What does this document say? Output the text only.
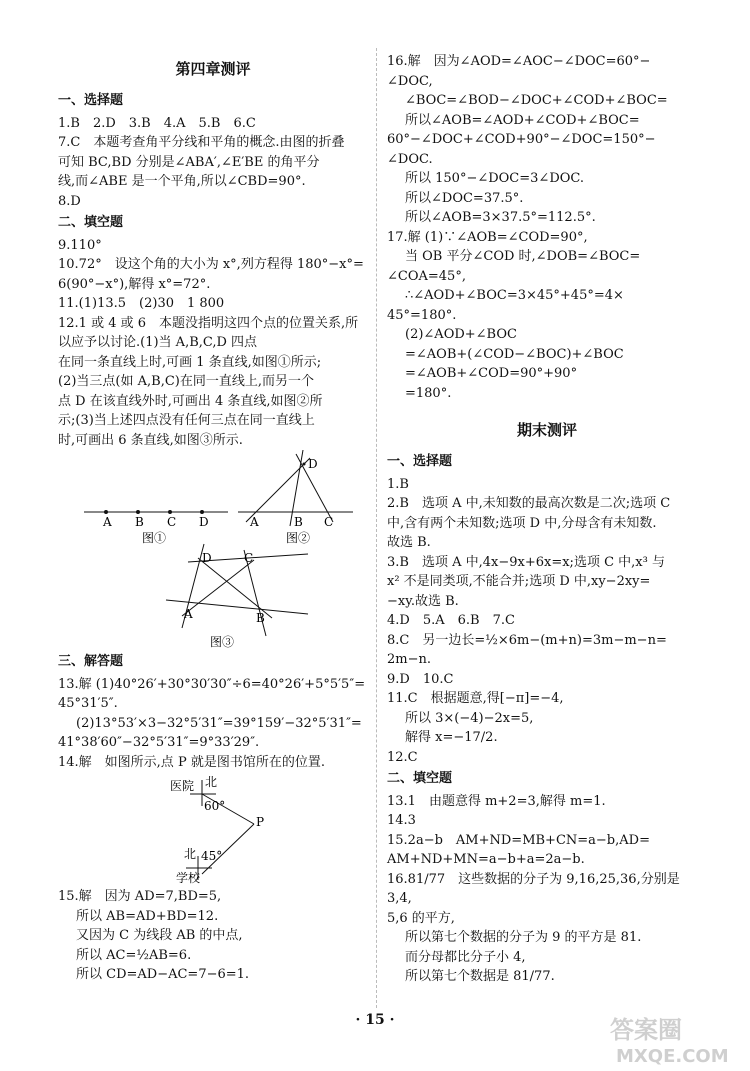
第四章测评
一、选择题
1.B　2.D　3.B　4.A　5.B　6.C
7.C　本题考查角平分线和平角的概念.由图的折叠
可知 BC,BD 分别是∠ABA′,∠E′BE 的角平分
线,而∠ABE 是一个平角,所以∠CBD=90°.
8.D
二、填空题
9.110°
10.72°　设这个角的大小为 x°,列方程得 180°−x°=
6(90°−x°),解得 x°=72°.
11.(1)13.5　(2)30　1 800
12.1 或 4 或 6　本题没指明这四个点的位置关系,所
以应予以讨论.(1)当 A,B,C,D 四点
在同一条直线上时,可画 1 条直线,如图①所示;
(2)当三点(如 A,B,C)在同一直线上,而另一个
点 D 在该直线外时,可画出 4 条直线,如图②所
示;(3)当上述四点没有任何三点在同一直线上
时,可画出 6 条直线,如图③所示.
A B C D
图①
D
A	B C
图②
D	C
A	B
图③
三、解答题
13.解 (1)40°26′+30°30′30″÷6=40°26′+5°5′5″=
45°31′5″.
(2)13°53′×3−32°5′31″=39°159′−32°5′31″=
41°38′60″−32°5′31″=9°33′29″.
14.解　如图所示,点 P 就是图书馆所在的位置.
医院 北
60°
P
北 45°
学校
15.解　因为 AD=7,BD=5,
所以 AB=AD+BD=12.
又因为 C 为线段 AB 的中点,
所以 AC=½AB=6.
所以 CD=AD−AC=7−6=1.
16.解　因为∠AOD=∠AOC−∠DOC=60°−
∠DOC,
∠BOC=∠BOD−∠DOC+∠COD+∠BOC=
所以∠AOB=∠AOD+∠COD+∠BOC=
60°−∠DOC+∠COD+90°−∠DOC=150°−
∠DOC.
所以 150°−∠DOC=3∠DOC.
所以∠DOC=37.5°.
所以∠AOB=3×37.5°=112.5°.
17.解 (1)∵∠AOB=∠COD=90°,
当 OB 平分∠COD 时,∠DOB=∠BOC=
∠COA=45°,
∴∠AOD+∠BOC=3×45°+45°=4×
45°=180°.
(2)∠AOD+∠BOC
=∠AOB+(∠COD−∠BOC)+∠BOC
=∠AOB+∠COD=90°+90°
=180°.
期末测评
一、选择题
1.B
2.B　选项 A 中,未知数的最高次数是二次;选项 C
中,含有两个未知数;选项 D 中,分母含有未知数.
故选 B.
3.B　选项 A 中,4x−9x+6x=x;选项 C 中,x³ 与
x² 不是同类项,不能合并;选项 D 中,xy−2xy=
−xy.故选 B.
4.D　5.A　6.B　7.C
8.C　另一边长=½×6m−(m+n)=3m−m−n=
2m−n.
9.D　10.C
11.C　根据题意,得[−π]=−4,
所以 3×(−4)−2x=5,
解得 x=−17/2.
12.C
二、填空题
13.1　由题意得 m+2=3,解得 m=1.
14.3
15.2a−b　AM+ND=MB+CN=a−b,AD=
AM+ND+MN=a−b+a=2a−b.
16.81/77　这些数据的分子为 9,16,25,36,分别是 3,4,
5,6 的平方,
所以第七个数据的分子为 9 的平方是 81.
而分母都比分子小 4,
所以第七个数据是 81/77.
· 15 ·	答案圈
MXQE.COM
